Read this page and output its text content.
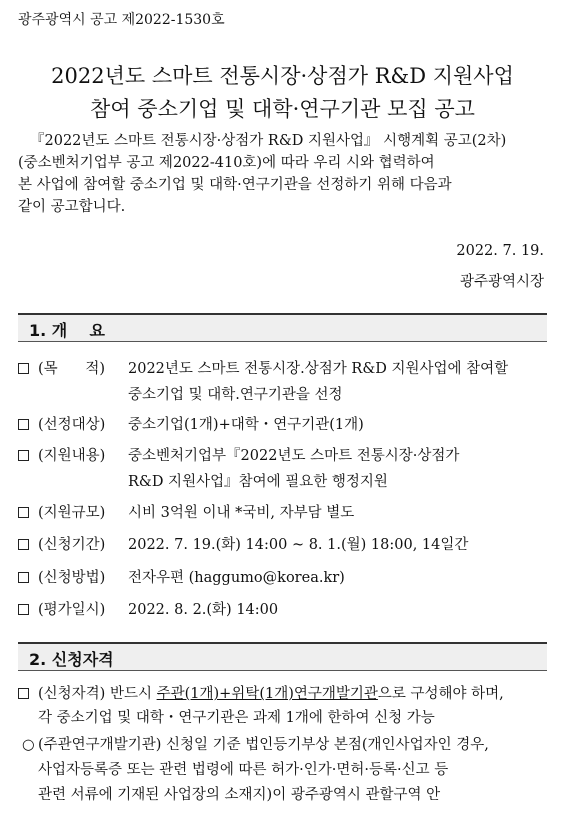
광주광역시 공고 제2022-1530호
2022년도 스마트 전통시장·상점가 R&D 지원사업
참여 중소기업 및 대학·연구기관 모집 공고
『2022년도 스마트 전통시장·상점가 R&D 지원사업』 시행계획 공고(2차)
(중소벤처기업부 공고 제2022-410호)에 따라 우리 시와 협력하여
본 사업에 참여할 중소기업 및 대학·연구기관을 선정하기 위해 다음과
같이 공고합니다.
2022. 7. 19.
광주광역시장
1. 개    요
(목      적) 2022년도 스마트 전통시장.상점가 R&D 지원사업에 참여할
중소기업 및 대학.연구기관을 선정
(선정대상) 중소기업(1개)+대학・연구기관(1개)
(지원내용) 중소벤처기업부『2022년도 스마트 전통시장·상점가
R&D 지원사업』참여에 필요한 행정지원
(지원규모) 시비 3억원 이내 *국비, 자부담 별도
(신청기간) 2022. 7. 19.(화) 14:00 ~ 8. 1.(월) 18:00, 14일간
(신청방법) 전자우편 (haggumo@korea.kr)
(평가일시) 2022. 8. 2.(화) 14:00
2. 신청자격
(신청자격) 반드시 주관(1개)+위탁(1개)연구개발기관으로 구성해야 하며,
각 중소기업 및 대학・연구기관은 과제 1개에 한하여 신청 가능
○ (주관연구개발기관) 신청일 기준 법인등기부상 본점(개인사업자인 경우,
사업자등록증 또는 관련 법령에 따른 허가·인가·면허·등록·신고 등
관련 서류에 기재된 사업장의 소재지)이 광주광역시 관할구역 안
